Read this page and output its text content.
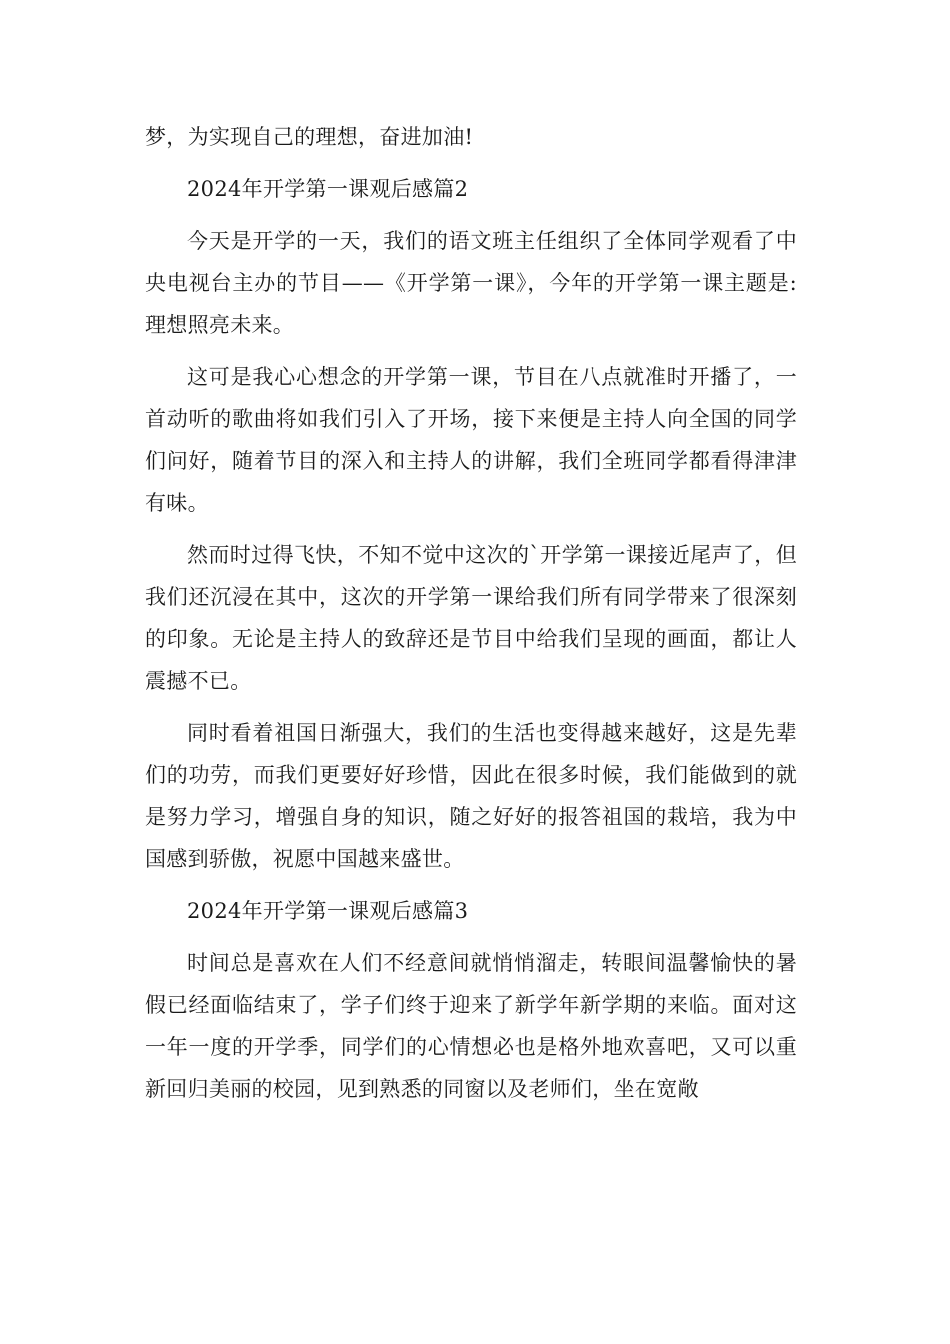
梦，为实现自己的理想，奋进加油!

2024年开学第一课观后感篇2

今天是开学的一天，我们的语文班主任组织了全体同学观看了中央电视台主办的节目——《开学第一课》，今年的开学第一课主题是:理想照亮未来。

这可是我心心想念的开学第一课，节目在八点就准时开播了，一首动听的歌曲将如我们引入了开场，接下来便是主持人向全国的同学们问好，随着节目的深入和主持人的讲解，我们全班同学都看得津津有味。

然而时过得飞快，不知不觉中这次的`开学第一课接近尾声了，但我们还沉浸在其中，这次的开学第一课给我们所有同学带来了很深刻的印象。无论是主持人的致辞还是节目中给我们呈现的画面，都让人震撼不已。

同时看着祖国日渐强大，我们的生活也变得越来越好，这是先辈们的功劳，而我们更要好好珍惜，因此在很多时候，我们能做到的就是努力学习，增强自身的知识，随之好好的报答祖国的栽培，我为中国感到骄傲，祝愿中国越来盛世。

2024年开学第一课观后感篇3

时间总是喜欢在人们不经意间就悄悄溜走，转眼间温馨愉快的暑假已经面临结束了，学子们终于迎来了新学年新学期的来临。面对这一年一度的开学季，同学们的心情想必也是格外地欢喜吧，又可以重新回归美丽的校园，见到熟悉的同窗以及老师们，坐在宽敞
